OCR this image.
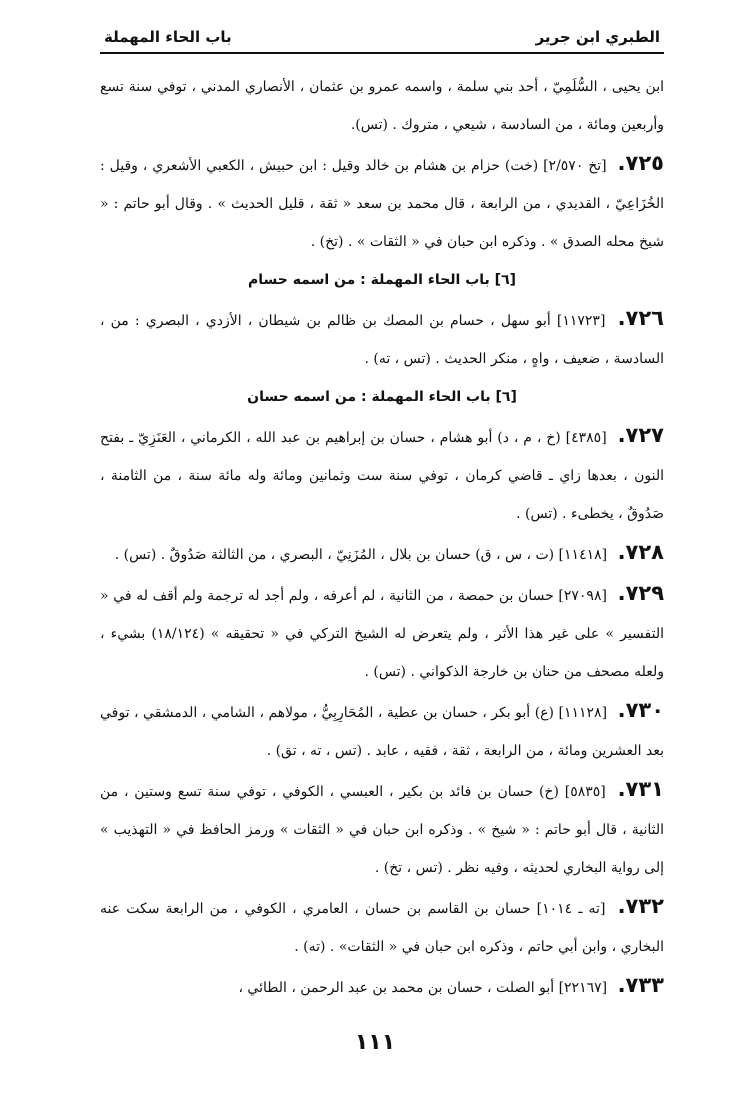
الطبري ابن جرير
باب الحاء المهملة

ابن يحيى ، السُّلَمِيّ ، أحد بني سلمة ، واسمه عمرو بن عثمان ، الأنصاري المدني ، توفي سنة تسع وأربعين ومائة ، من السادسة ، شيعي ، متروك . (تس).

٧٢٥. [تخ ٢/٥٧٠] (خت) حزام بن هشام بن خالد وقيل : ابن حبيش ، الكعبي الأشعري ، وقيل : الخُزَاعِيّ ، القديدي ، من الرابعة ، قال محمد بن سعد « ثقة ، قليل الحديث » . وقال أبو حاتم : « شيخ محله الصدق » . وذكره ابن حبان في « الثقات » . (تخ) .

[٦] باب الحاء المهملة : من اسمه حسام

٧٢٦. [١١٧٢٣] أبو سهل ، حسام بن المصك بن ظالم بن شيطان ، الأزدي ، البصري : من ، السادسة ، ضعيف ، واهٍ ، منكر الحديث . (تس ، ته) .

[٦] باب الحاء المهملة : من اسمه حسان

٧٢٧. [٤٣٨٥] (خ ، م ، د) أبو هشام ، حسان بن إبراهيم بن عبد الله ، الكرماني ، العَنَزِيّ ـ بفتح النون ، بعدها زاي ـ قاضي كرمان ، توفي سنة ست وثمانين ومائة وله مائة سنة ، من الثامنة ، صَدُوقٌ ، يخطىء . (تس) .

٧٢٨. [١١٤١٨] (ت ، س ، ق) حسان بن بلال ، المُزَنِيّ ، البصري ، من الثالثة صَدُوقٌ . (تس) .

٧٢٩. [٢٧٠٩٨] حسان بن حمصة ، من الثانية ، لم أعرفه ، ولم أجد له ترجمة ولم أقف له في « التفسير » على غير هذا الأثر ، ولم يتعرض له الشيخ التركي في « تحقيقه » (١٨/١٢٤) بشيء ، ولعله مصحف من حنان بن خارجة الذكواني . (تس) .

٧٣٠. [١١١٢٨] (ع) أبو بكر ، حسان بن عطية ، المُحَارِبِيُّ ، مولاهم ، الشامي ، الدمشقي ، توفي بعد العشرين ومائة ، من الرابعة ، ثقة ، فقيه ، عابد . (تس ، ته ، تق) .

٧٣١. [٥٨٣٥] (خ) حسان بن فائد بن بكير ، العبسي ، الكوفي ، توفي سنة تسع وستين ، من الثانية ، قال أبو حاتم : « شيخ » . وذكره ابن حبان في « الثقات » ورمز الحافظ في « التهذيب » إلى رواية البخاري لحديثه ، وفيه نظر . (تس ، تخ) .

٧٣٢. [ته ـ ١٠١٤] حسان بن القاسم بن حسان ، العامري ، الكوفي ، من الرابعة سكت عنه البخاري ، وابن أبي حاتم ، وذكره ابن حبان في « الثقات» . (ته) .

٧٣٣. [٢٢١٦٧] أبو الصلت ، حسان بن محمد بن عبد الرحمن ، الطائي ،

١١١
